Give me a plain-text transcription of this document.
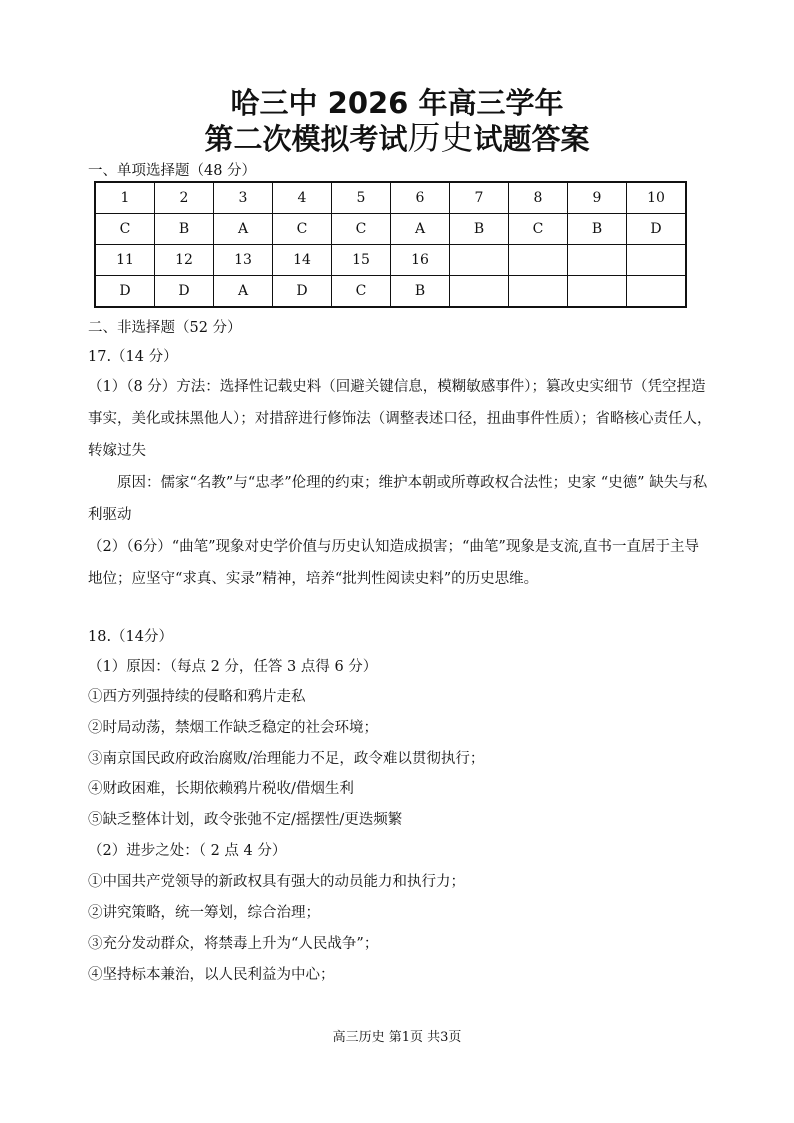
哈三中 2026 年高三学年
第二次模拟考试历史试题答案
一、单项选择题（48 分）
1	2	3	4	5	6	7	8	9	10
C	B	A	C	C	A	B	C	B	D
11	12	13	14	15	16				
D	D	A	D	C	B				
二、非选择题（52 分）
17.（14 分）
（1）（8 分）方法：选择性记载史料（回避关键信息，模糊敏感事件）；篡改史实细节（凭空捏造事实，美化或抹黑他人）；对措辞进行修饰法（调整表述口径，扭曲事件性质）；省略核心责任人，转嫁过失
原因：儒家“名教”与“忠孝”伦理的约束；维护本朝或所尊政权合法性；史家 “史德” 缺失与私利驱动
（2）（6分）“曲笔”现象对史学价值与历史认知造成损害；“曲笔”现象是支流,直书一直居于主导地位；应坚守“求真、实录”精神，培养“批判性阅读史料”的历史思维。
18.（14分）
（1）原因：（每点 2 分，任答 3 点得 6 分）
①西方列强持续的侵略和鸦片走私
②时局动荡，禁烟工作缺乏稳定的社会环境；
③南京国民政府政治腐败/治理能力不足，政令难以贯彻执行；
④财政困难，长期依赖鸦片税收/借烟生利
⑤缺乏整体计划，政令张弛不定/摇摆性/更迭频繁
（2）进步之处：（ 2 点 4 分）
①中国共产党领导的新政权具有强大的动员能力和执行力；
②讲究策略，统一筹划，综合治理；
③充分发动群众，将禁毒上升为“人民战争”；
④坚持标本兼治，以人民利益为中心；
高三历史 第1页 共3页
